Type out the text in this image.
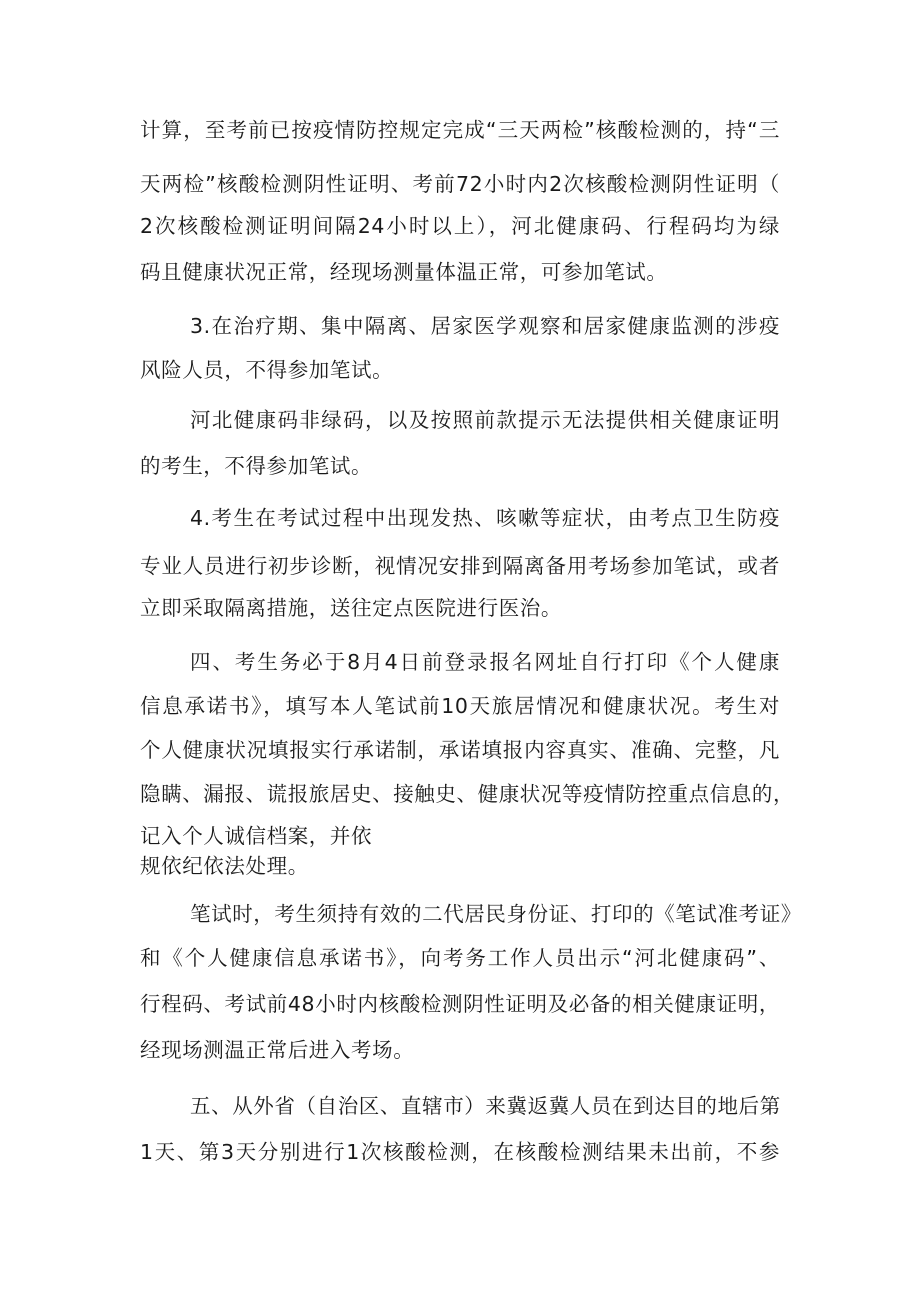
计算，至考前已按疫情防控规定完成“三天两检”核酸检测的，持“三
天两检”核酸检测阴性证明、考前72小时内2次核酸检测阴性证明（
2次核酸检测证明间隔24小时以上），河北健康码、行程码均为绿
码且健康状况正常，经现场测量体温正常，可参加笔试。
3.在治疗期、集中隔离、居家医学观察和居家健康监测的涉疫
风险人员，不得参加笔试。
河北健康码非绿码，以及按照前款提示无法提供相关健康证明
的考生，不得参加笔试。
4.考生在考试过程中出现发热、咳嗽等症状，由考点卫生防疫
专业人员进行初步诊断，视情况安排到隔离备用考场参加笔试，或者
立即采取隔离措施，送往定点医院进行医治。
四、考生务必于8月4日前登录报名网址自行打印《个人健康
信息承诺书》，填写本人笔试前10天旅居情况和健康状况。考生对
个人健康状况填报实行承诺制，承诺填报内容真实、准确、完整，凡
隐瞒、漏报、谎报旅居史、接触史、健康状况等疫情防控重点信息的，
记入个人诚信档案，并依
规依纪依法处理。
笔试时，考生须持有效的二代居民身份证、打印的《笔试准考证》
和《个人健康信息承诺书》，向考务工作人员出示“河北健康码”、
行程码、考试前48小时内核酸检测阴性证明及必备的相关健康证明，
经现场测温正常后进入考场。
五、从外省（自治区、直辖市）来冀返冀人员在到达目的地后第
1天、第3天分别进行1次核酸检测，在核酸检测结果未出前，不参
